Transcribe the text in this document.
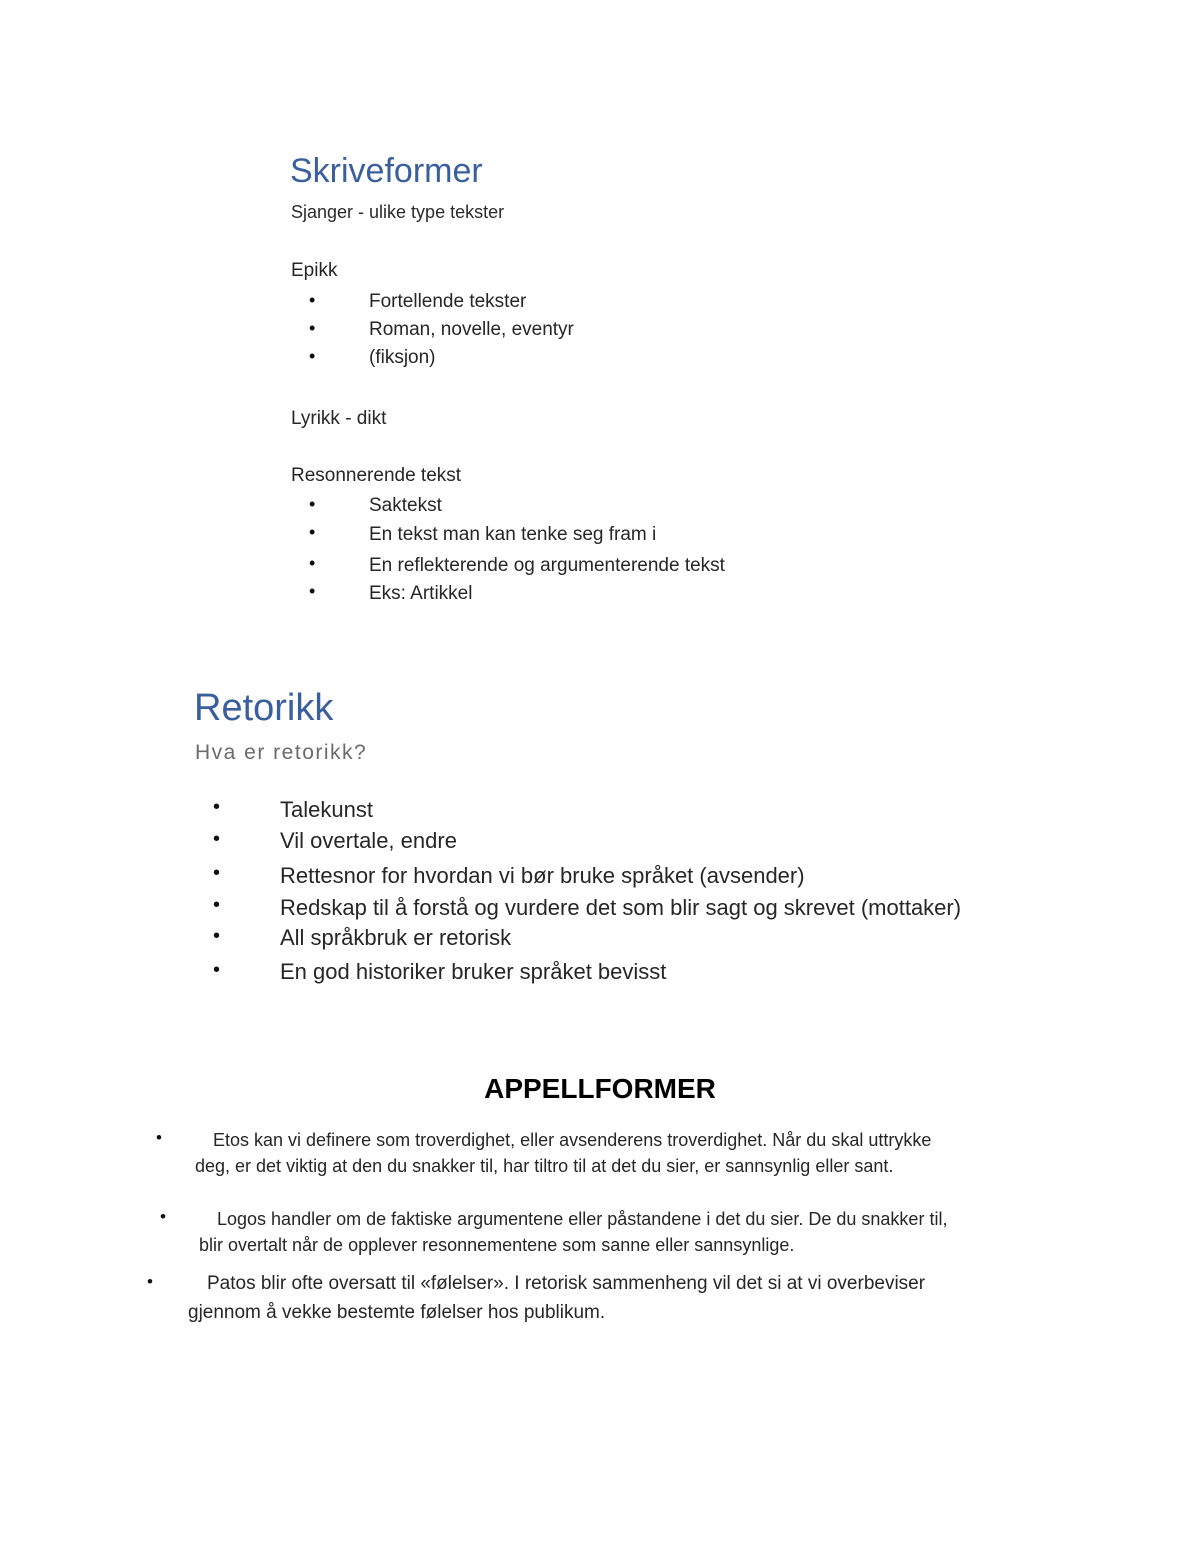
Skriveformer
Sjanger - ulike type tekster
Epikk
•	Fortellende tekster
•	Roman, novelle, eventyr
•	(fiksjon)
Lyrikk - dikt
Resonnerende tekst
•	Saktekst
•	En tekst man kan tenke seg fram i
•	En reflekterende og argumenterende tekst
•	Eks: Artikkel
Retorikk
Hva er retorikk?
•	Talekunst
•	Vil overtale, endre
•	Rettesnor for hvordan vi bør bruke språket (avsender)
•	Redskap til å forstå og vurdere det som blir sagt og skrevet (mottaker)
•	All språkbruk er retorisk
•	En god historiker bruker språket bevisst
APPELLFORMER
•	Etos kan vi definere som troverdighet, eller avsenderens troverdighet. Når du skal uttrykke
deg, er det viktig at den du snakker til, har tiltro til at det du sier, er sannsynlig eller sant.
•	Logos handler om de faktiske argumentene eller påstandene i det du sier. De du snakker til,
blir overtalt når de opplever resonnementene som sanne eller sannsynlige.
•	Patos blir ofte oversatt til «følelser». I retorisk sammenheng vil det si at vi overbeviser
gjennom å vekke bestemte følelser hos publikum.
